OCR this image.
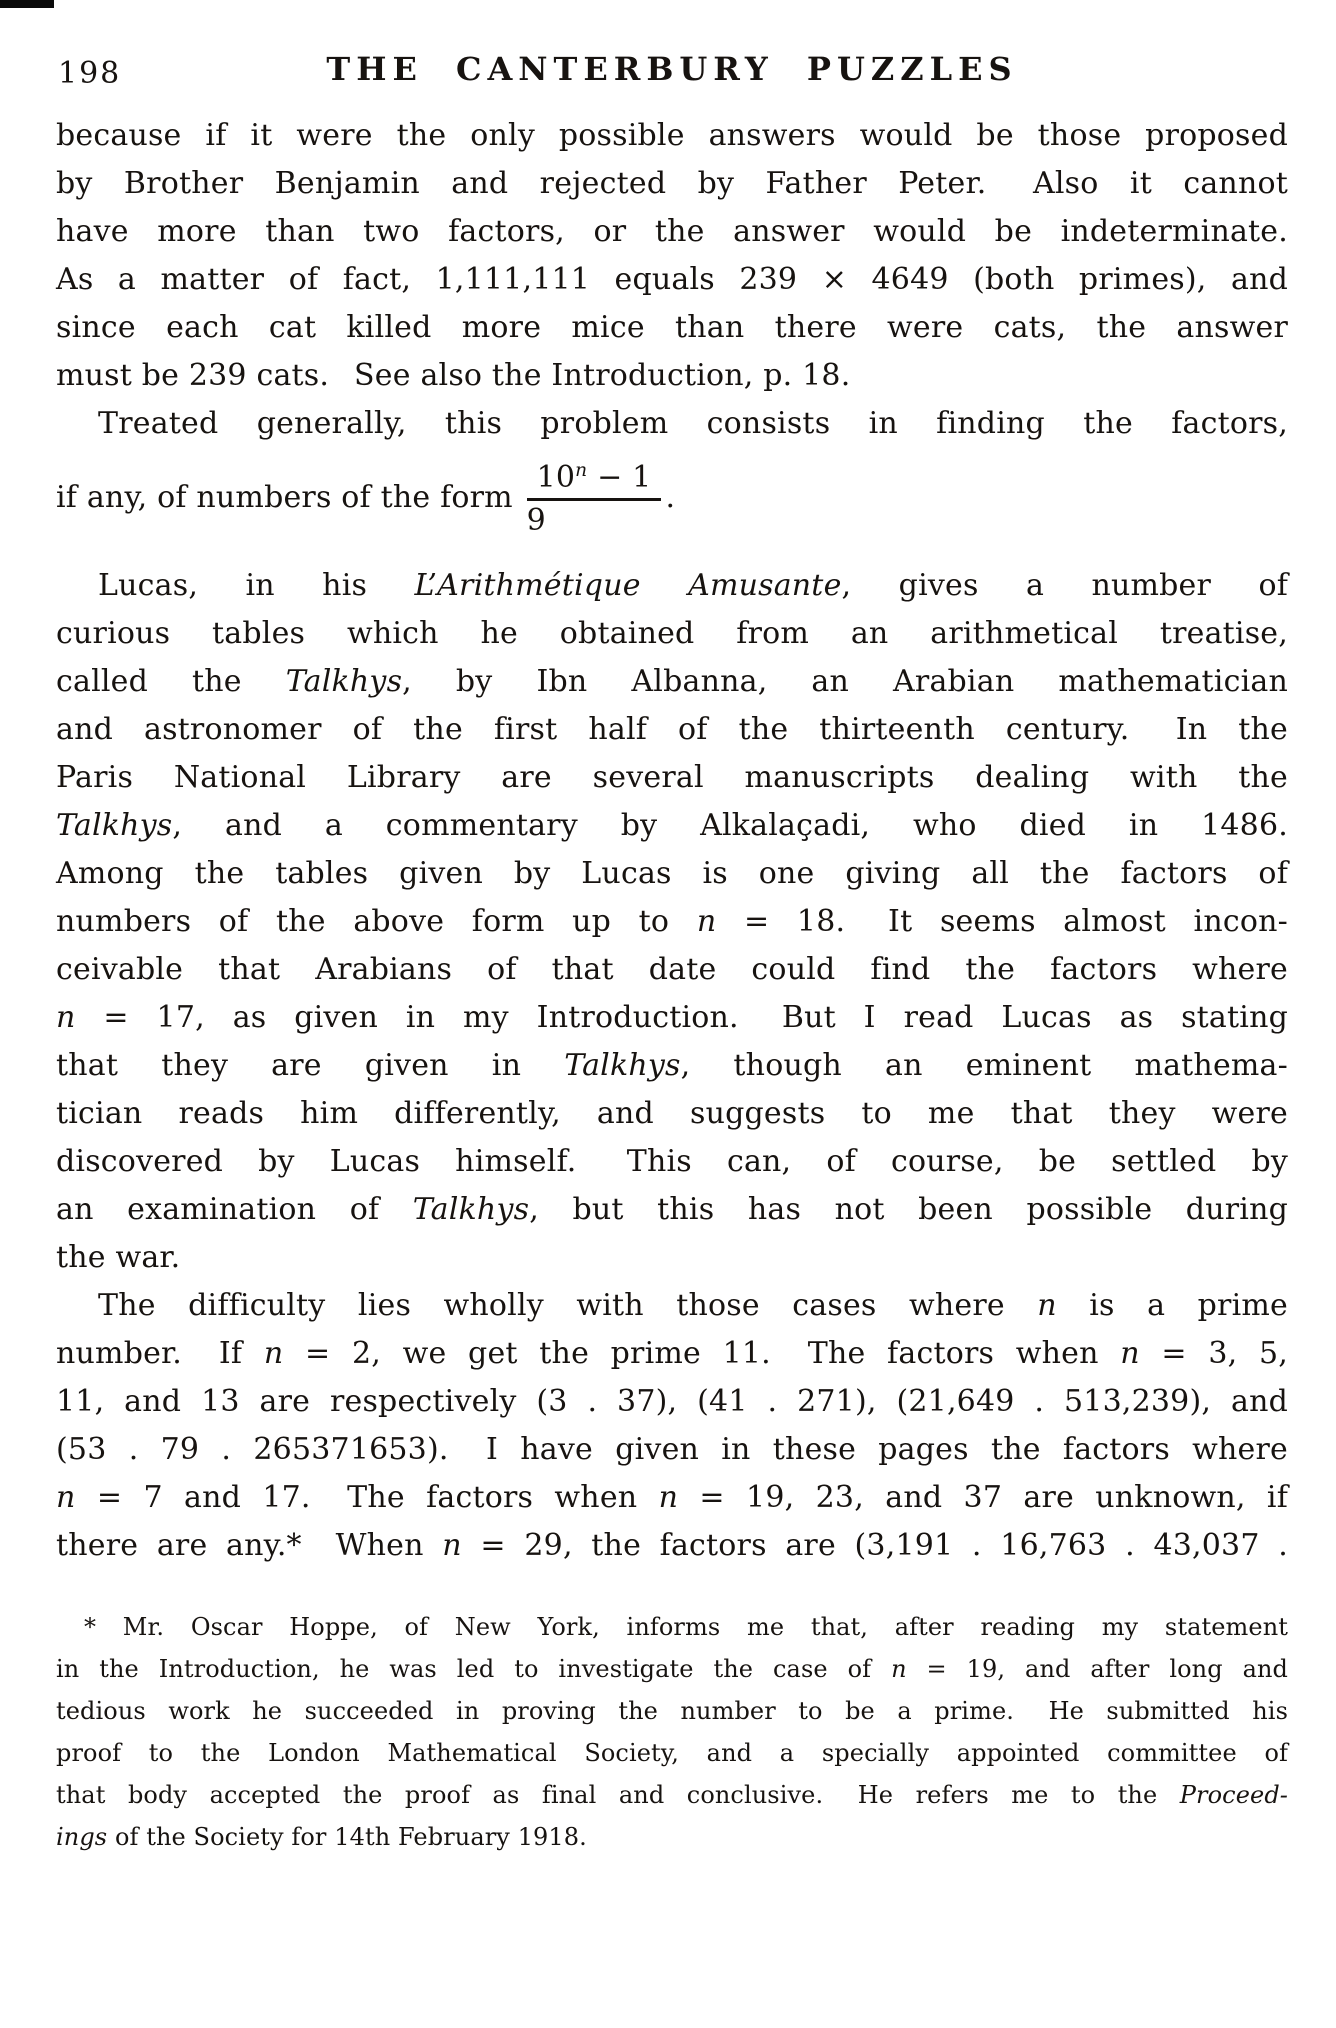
198	THE CANTERBURY PUZZLES
because if it were the only possible answers would be those proposed
by Brother Benjamin and rejected by Father Peter.  Also it cannot
have more than two factors, or the answer would be indeterminate.
As a matter of fact, 1,111,111 equals 239 × 4649 (both primes), and
since each cat killed more mice than there were cats, the answer
must be 239 cats.  See also the Introduction, p. 18.
Treated generally, this problem consists in finding the factors,
if any, of numbers of the form $\frac{10^n - 1}{9}$ .
Lucas, in his L’Arithmétique Amusante, gives a number of
curious tables which he obtained from an arithmetical treatise,
called the Talkhys, by Ibn Albanna, an Arabian mathematician
and astronomer of the first half of the thirteenth century.  In the
Paris National Library are several manuscripts dealing with the
Talkhys, and a commentary by Alkalaçadi, who died in 1486.
Among the tables given by Lucas is one giving all the factors of
numbers of the above form up to n = 18.  It seems almost incon-
ceivable that Arabians of that date could find the factors where
n = 17, as given in my Introduction.  But I read Lucas as stating
that they are given in Talkhys, though an eminent mathema-
tician reads him differently, and suggests to me that they were
discovered by Lucas himself.  This can, of course, be settled by
an examination of Talkhys, but this has not been possible during
the war.
The difficulty lies wholly with those cases where n is a prime
number.  If n = 2, we get the prime 11.  The factors when n = 3, 5,
11, and 13 are respectively (3 . 37), (41 . 271), (21,649 . 513,239), and
(53 . 79 . 265371653).  I have given in these pages the factors where
n = 7 and 17.  The factors when n = 19, 23, and 37 are unknown, if
there are any.*  When n = 29, the factors are (3,191 . 16,763 . 43,037 .
* Mr. Oscar Hoppe, of New York, informs me that, after reading my statement
in the Introduction, he was led to investigate the case of n = 19, and after long and
tedious work he succeeded in proving the number to be a prime.  He submitted his
proof to the London Mathematical Society, and a specially appointed committee of
that body accepted the proof as final and conclusive.  He refers me to the Proceed-
ings of the Society for 14th February 1918.
